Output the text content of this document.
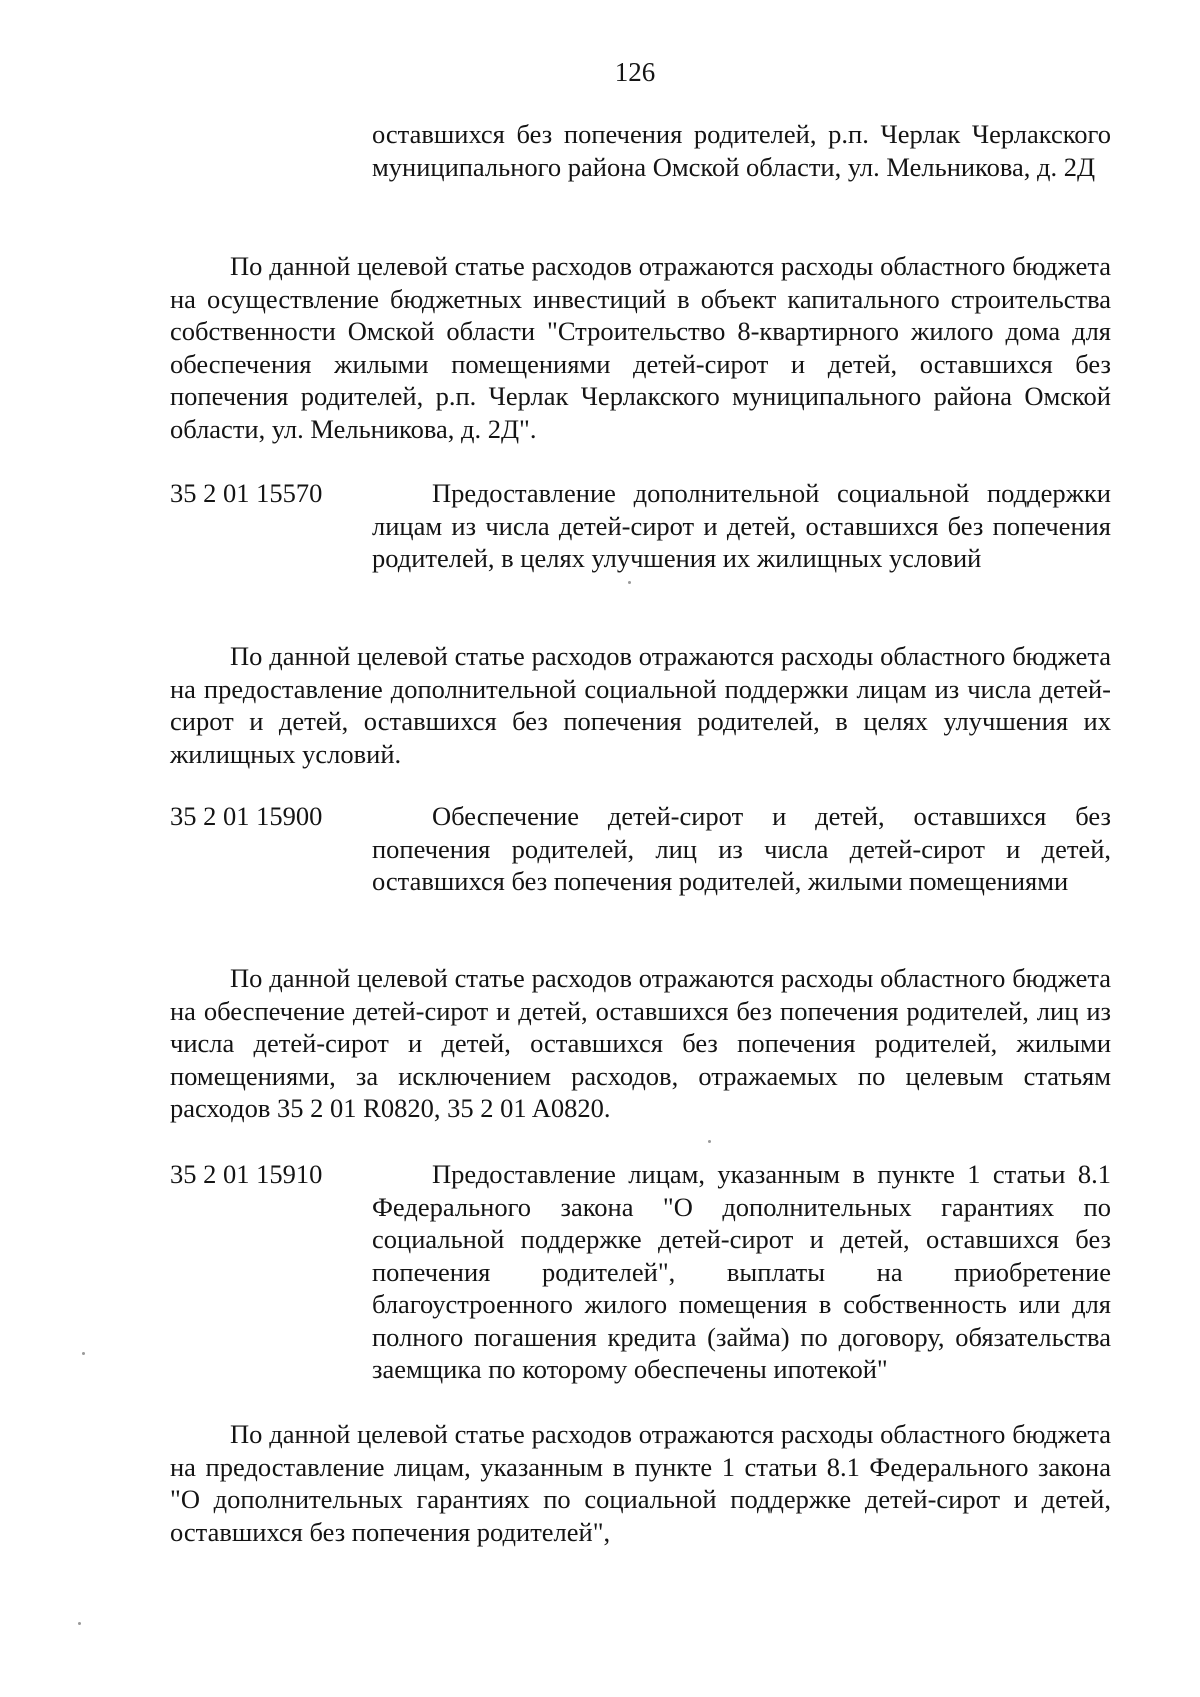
126
оставшихся без попечения родителей, р.п. Черлак Черлакского муниципального района Омской области, ул. Мельникова, д. 2Д
По данной целевой статье расходов отражаются расходы областного бюджета на осуществление бюджетных инвестиций в объект капитального строительства собственности Омской области "Строительство 8-квартирного жилого дома для обеспечения жилыми помещениями детей-сирот и детей, оставшихся без попечения родителей, р.п. Черлак Черлакского муниципального района Омской области, ул. Мельникова, д. 2Д".
35 2 01 15570	Предоставление дополнительной социальной поддержки лицам из числа детей-сирот и детей, оставшихся без попечения родителей, в целях улучшения их жилищных условий
По данной целевой статье расходов отражаются расходы областного бюджета на предоставление дополнительной социальной поддержки лицам из числа детей-сирот и детей, оставшихся без попечения родителей, в целях улучшения их жилищных условий.
35 2 01 15900	Обеспечение детей-сирот и детей, оставшихся без попечения родителей, лиц из числа детей-сирот и детей, оставшихся без попечения родителей, жилыми помещениями
По данной целевой статье расходов отражаются расходы областного бюджета на обеспечение детей-сирот и детей, оставшихся без попечения родителей, лиц из числа детей-сирот и детей, оставшихся без попечения родителей, жилыми помещениями, за исключением расходов, отражаемых по целевым статьям расходов 35 2 01 R0820, 35 2 01 A0820.
35 2 01 15910	Предоставление лицам, указанным в пункте 1 статьи 8.1 Федерального закона "О дополнительных гарантиях по социальной поддержке детей-сирот и детей, оставшихся без попечения родителей", выплаты на приобретение благоустроенного жилого помещения в собственность или для полного погашения кредита (займа) по договору, обязательства заемщика по которому обеспечены ипотекой"
По данной целевой статье расходов отражаются расходы областного бюджета на предоставление лицам, указанным в пункте 1 статьи 8.1 Федерального закона "О дополнительных гарантиях по социальной поддержке детей-сирот и детей, оставшихся без попечения родителей",
